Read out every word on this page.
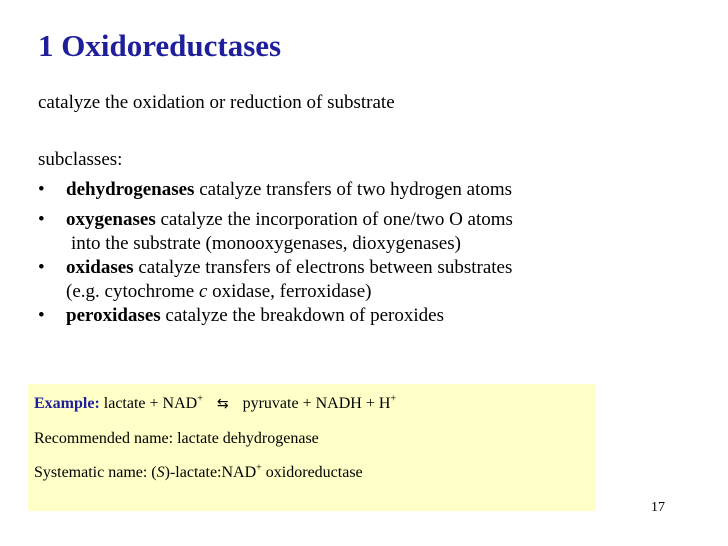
1 Oxidoreductases
catalyze the oxidation or reduction of substrate
subclasses:
• dehydrogenases catalyze transfers of two hydrogen atoms
• oxygenases catalyze the incorporation of one/two O atoms
into the substrate (monooxygenases, dioxygenases)
• oxidases catalyze transfers of electrons between substrates
(e.g. cytochrome c oxidase, ferroxidase)
• peroxidases catalyze the breakdown of peroxides
Example: lactate + NAD+ ⇆ pyruvate + NADH + H+
Recommended name: lactate dehydrogenase
Systematic name: (S)-lactate:NAD+ oxidoreductase
17
